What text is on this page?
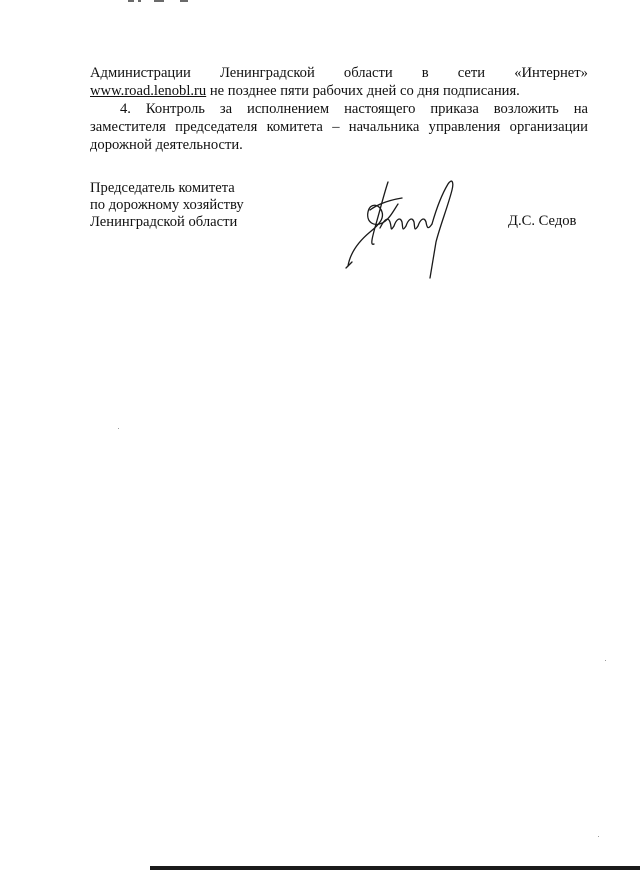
Администрации Ленинградской области в сети «Интернет»
www.road.lenobl.ru не позднее пяти рабочих дней со дня подписания.
4. Контроль за исполнением настоящего приказа возложить на заместителя председателя комитета – начальника управления организации дорожной деятельности.
Председатель комитета
по дорожному хозяйству
Ленинградской области	Д.С. Седов
